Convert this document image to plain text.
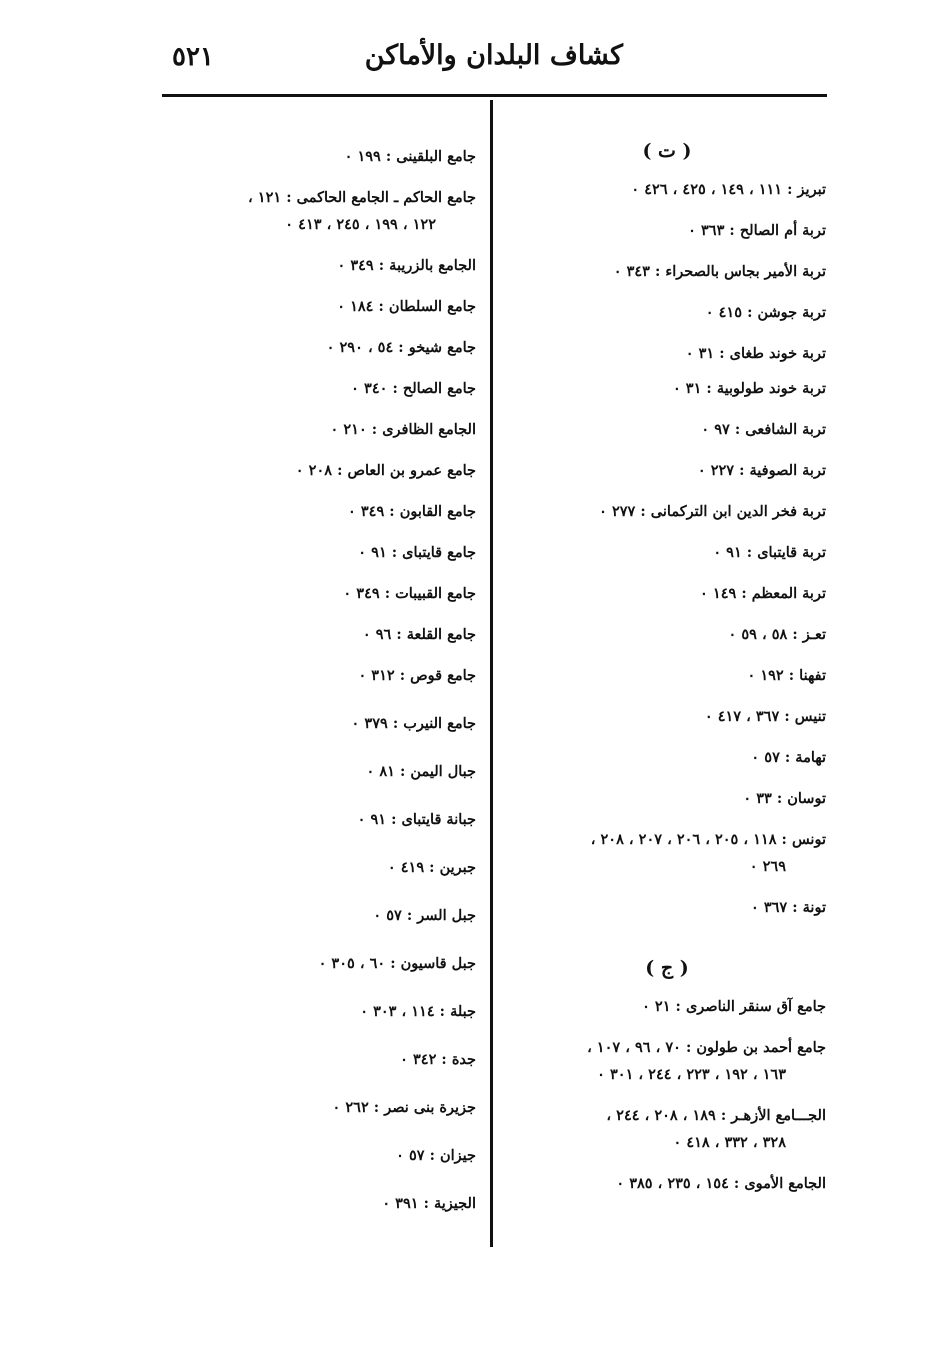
٥٢١	كشاف البلدان والأماكن
( ت )
تبريز : ١١١ ، ١٤٩ ، ٤٢٥ ، ٤٢٦ ٠
تربة أم الصالح : ٣٦٣ ٠
تربة الأمير بجاس بالصحراء : ٣٤٣ ٠
تربة جوشن : ٤١٥ ٠
تربة خوند طغاى : ٣١ ٠
تربة خوند طولوبية : ٣١ ٠
تربة الشافعى : ٩٧ ٠
تربة الصوفية : ٢٢٧ ٠
تربة فخر الدين ابن التركمانى : ٢٧٧ ٠
تربة قايتباى : ٩١ ٠
تربة المعظم : ١٤٩ ٠
تعـز : ٥٨ ، ٥٩ ٠
تفهنا : ١٩٢ ٠
تنيس : ٣٦٧ ، ٤١٧ ٠
تهامة : ٥٧ ٠
توسان : ٣٣ ٠
تونس : ١١٨ ، ٢٠٥ ، ٢٠٦ ، ٢٠٧ ، ٢٠٨ ،
٢٦٩ ٠
تونة : ٣٦٧ ٠
( ج )
جامع آق سنقر الناصرى : ٢١ ٠
جامع أحمد بن طولون : ٧٠ ، ٩٦ ، ١٠٧ ،
١٦٣ ، ١٩٢ ، ٢٢٣ ، ٢٤٤ ، ٣٠١ ٠
الجـــامع الأزهـر : ١٨٩ ، ٢٠٨ ، ٢٤٤ ،
٣٢٨ ، ٣٣٢ ، ٤١٨ ٠
الجامع الأموى : ١٥٤ ، ٢٣٥ ، ٣٨٥ ٠
جامع البلقينى : ١٩٩ ٠
جامع الحاكم ـ الجامع الحاكمى : ١٢١ ،
١٢٢ ، ١٩٩ ، ٢٤٥ ، ٤١٣ ٠
الجامع بالزريبة : ٣٤٩ ٠
جامع السلطان : ١٨٤ ٠
جامع شيخو : ٥٤ ، ٢٩٠ ٠
جامع الصالح : ٣٤٠ ٠
الجامع الظافرى : ٢١٠ ٠
جامع عمرو بن العاص : ٢٠٨ ٠
جامع القابون : ٣٤٩ ٠
جامع قايتباى : ٩١ ٠
جامع القبيبات : ٣٤٩ ٠
جامع القلعة : ٩٦ ٠
جامع قوص : ٣١٢ ٠
جامع النيرب : ٣٧٩ ٠
جبال اليمن : ٨١ ٠
جبانة قايتباى : ٩١ ٠
جبرين : ٤١٩ ٠
جبل السر : ٥٧ ٠
جبل قاسيون : ٦٠ ، ٣٠٥ ٠
جبلة : ١١٤ ، ٣٠٣ ٠
جدة : ٣٤٢ ٠
جزيرة بنى نصر : ٢٦٢ ٠
جيزان : ٥٧ ٠
الجيزية : ٣٩١ ٠
